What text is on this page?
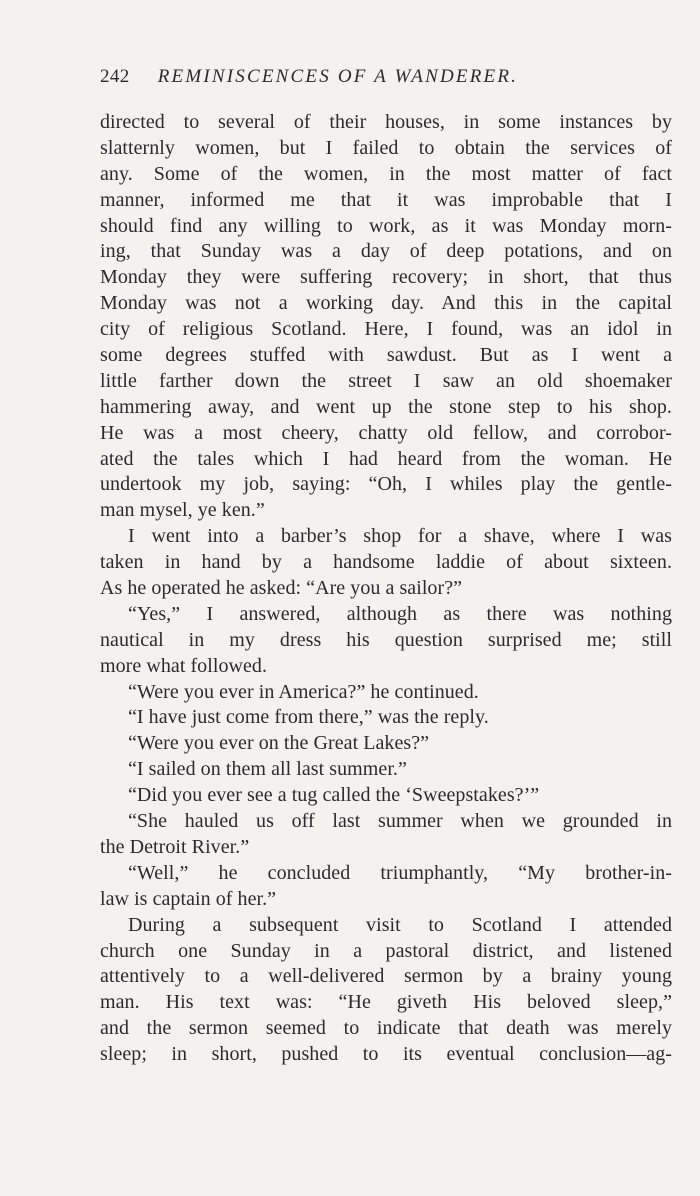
242 REMINISCENCES OF A WANDERER.
directed to several of their houses, in some instances by
slatternly women, but I failed to obtain the services of
any. Some of the women, in the most matter of fact
manner, informed me that it was improbable that I
should find any willing to work, as it was Monday morn-
ing, that Sunday was a day of deep potations, and on
Monday they were suffering recovery; in short, that thus
Monday was not a working day. And this in the capital
city of religious Scotland. Here, I found, was an idol in
some degrees stuffed with sawdust. But as I went a
little farther down the street I saw an old shoemaker
hammering away, and went up the stone step to his shop.
He was a most cheery, chatty old fellow, and corrobor-
ated the tales which I had heard from the woman. He
undertook my job, saying: “Oh, I whiles play the gentle-
man mysel, ye ken.”
I went into a barber’s shop for a shave, where I was
taken in hand by a handsome laddie of about sixteen.
As he operated he asked: “Are you a sailor?”
“Yes,” I answered, although as there was nothing
nautical in my dress his question surprised me; still
more what followed.
“Were you ever in America?” he continued.
“I have just come from there,” was the reply.
“Were you ever on the Great Lakes?”
“I sailed on them all last summer.”
“Did you ever see a tug called the ‘Sweepstakes?’”
“She hauled us off last summer when we grounded in
the Detroit River.”
“Well,” he concluded triumphantly, “My brother-in-
law is captain of her.”
During a subsequent visit to Scotland I attended
church one Sunday in a pastoral district, and listened
attentively to a well-delivered sermon by a brainy young
man. His text was: “He giveth His beloved sleep,”
and the sermon seemed to indicate that death was merely
sleep; in short, pushed to its eventual conclusion—ag-
